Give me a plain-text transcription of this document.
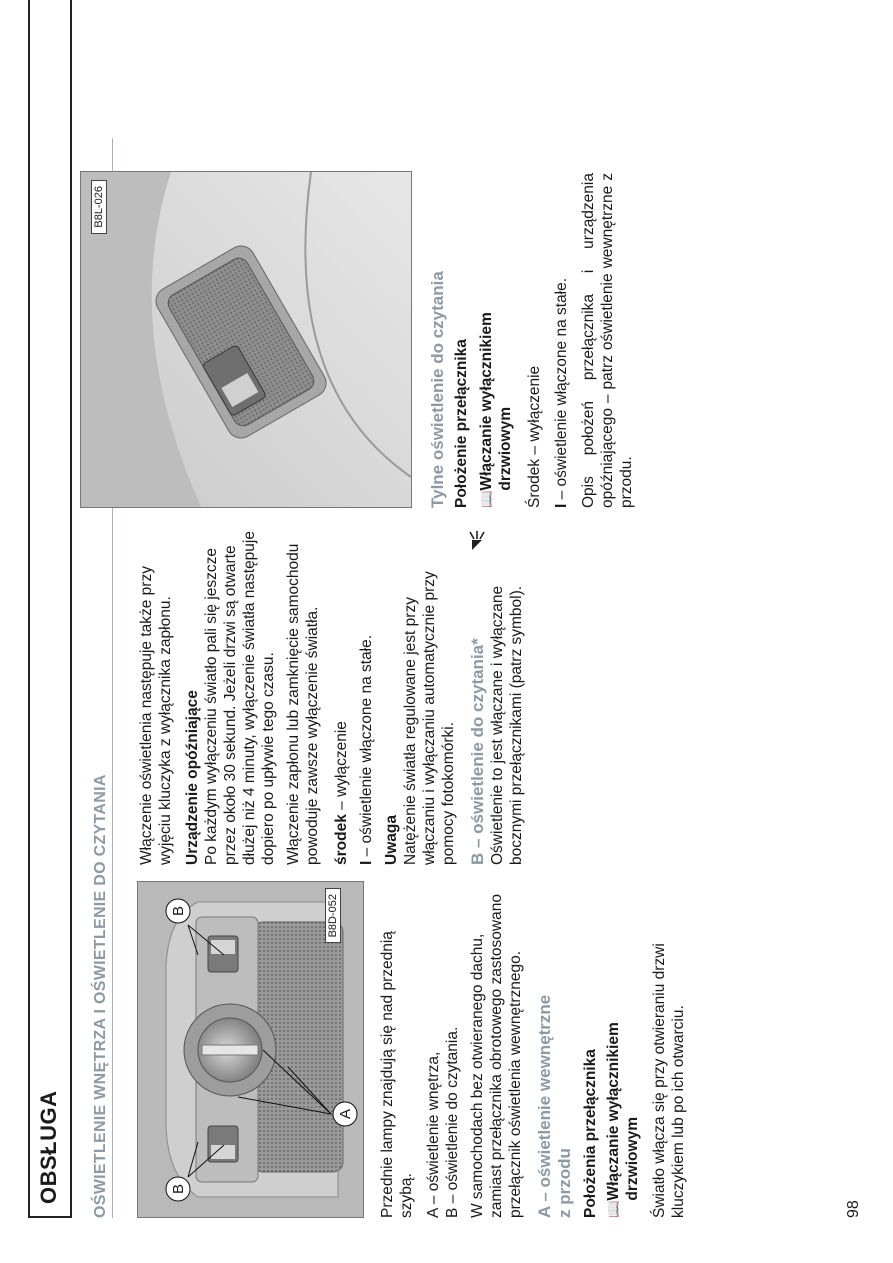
OBSŁUGA OŚWIETLENIE WNĘTRZA I OŚWIETLENIE DO CZYTANIA	B
B
A
B8D-052
Przednie lampy znajdują się nad przednią szybą. A – oświetlenie wnętrza, B – oświetlenie do czytania. W samochodach bez otwieranego dachu, zamiast przełącznika obrotowego zastosowano przełącznik oświetlenia wewnętrznego. A – oświetlenie wewnętrzne z przodu Położenia przełącznika 📖
Włączanie wyłącznikiem drzwiowym Światło włącza się przy otwieraniu drzwi kluczykiem lub po ich otwarciu.
Włączenie oświetlenia następuje także przy wyjęciu kluczyka z wyłącznika zapłonu. Urządzenie opóźniające Po każdym wyłączeniu światło pali się jeszcze przez około 30 sekund. Jeżeli drzwi są otwarte dłużej niż 4 minuty, wyłączenie światła następuje dopiero po upływie tego czasu. Włączenie zapłonu lub zamknięcie samochodu powoduje zawsze wyłączenie światła. środek – wyłączenie
I – oświetlenie włączone na stałe. Uwaga Natężenie światła regulowane jest przy włączaniu i wyłączaniu automatycznie przy pomocy fotokomórki. B – oświetlenie do czytania* Oświetlenie to jest włączane i wyłączane bocznymi przełącznikami (patrz symbol).
B8L-026
Tylne oświetlenie do czytania Położenie przełącznika 📖
Włączanie wyłącznikiem drzwiowym Środek – wyłączenie I – oświetlenie włączone na stałe. Opis położeń przełącznika i urządzenia opóźniającego – patrz oświetlenie wewnętrzne z przodu.
98
